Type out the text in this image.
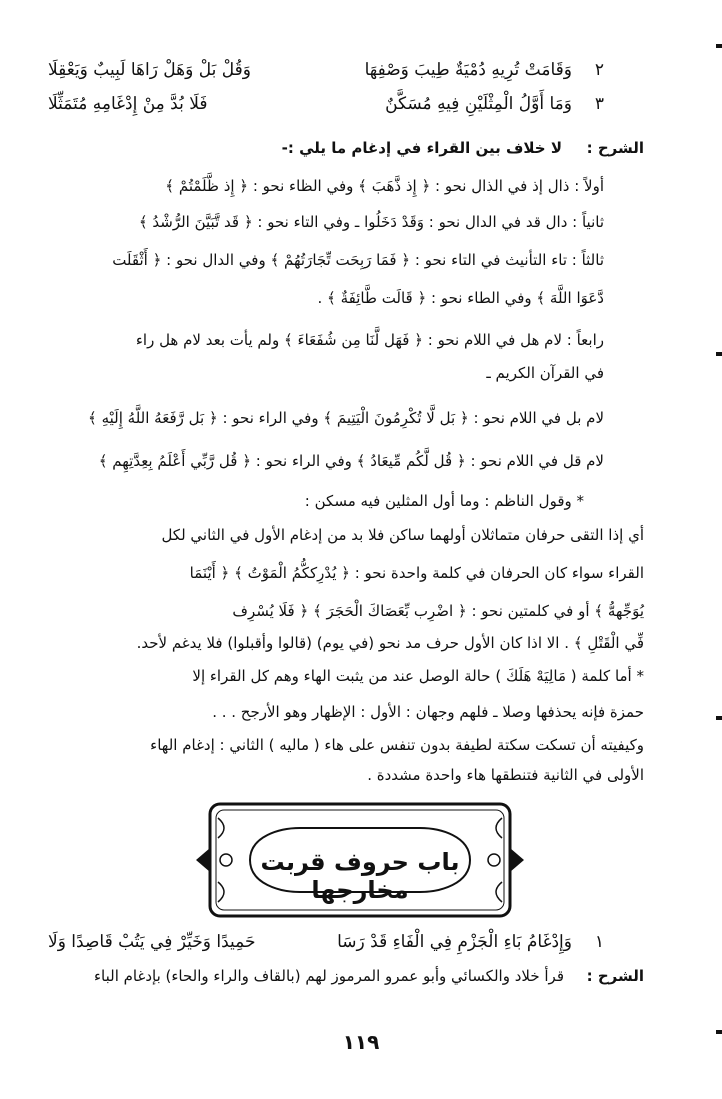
٢
وَقَامَتْ تُرِيهِ دُمْيَةٌ طِيبَ وَصْفِهَا
وَقُلْ بَلْ وَهَلْ رَاهَا لَبِيبٌ وَيَعْقِلَا
٣
وَمَا أَوَّلُ الْمِثْلَيْنِ فِيهِ مُسَكَّنٌ
فَلَا بُدَّ مِنْ إِدْغَامِهِ مُتَمَثِّلَا
الشرح :
لا خلاف بين القراء في إدغام ما يلي :-
أولاً : ذال إذ في الذال نحو : ﴿ إِذ ذَّهَبَ ﴾ وفي الظاء نحو : ﴿ إِذ ظَّلَمْتُمْ ﴾
ثانياً : دال قد في الدال نحو : وَقَدْ دَخَلُوا ـ وفي التاء نحو : ﴿ قَد تَّبَيَّنَ الرُّشْدُ ﴾
ثالثاً : تاء التأنيث في التاء نحو : ﴿ فَمَا رَبِحَت تِّجَارَتُهُمْ ﴾ وفي الدال نحو : ﴿ أَثْقَلَت
دَّعَوَا اللَّهَ ﴾ وفي الطاء نحو : ﴿ قَالَت طَّائِفَةٌ ﴾ .
رابعاً : لام هل في اللام نحو : ﴿ فَهَل لَّنَا مِن شُفَعَاءَ ﴾ ولم يأت بعد لام هل راء
في القرآن الكريم ـ
لام بل في اللام نحو : ﴿ بَل لَّا تُكْرِمُونَ الْيَتِيمَ ﴾ وفي الراء نحو : ﴿ بَل رَّفَعَهُ اللَّهُ إِلَيْهِ ﴾
لام قل في اللام نحو : ﴿ قُل لَّكُم مِّيعَادُ ﴾ وفي الراء نحو : ﴿ قُل رَّبِّي أَعْلَمُ بِعِدَّتِهِم ﴾
* وقول الناظم : وما أول المثلين فيه مسكن :
أي إذا التقى حرفان متماثلان أولهما ساكن فلا بد من إدغام الأول في الثاني لكل
القراء سواء كان الحرفان في كلمة واحدة نحو : ﴿ يُدْرِككُّمُ الْمَوْتُ ﴾ ﴿ أَيْنَمَا
يُوَجِّههُّ ﴾ أو في كلمتين نحو : ﴿ اضْرِب بِّعَصَاكَ الْحَجَرَ ﴾ ﴿ فَلَا يُسْرِف
فِّي الْقَتْلِ ﴾ . الا اذا كان الأول حرف مد نحو (في يوم) (قالوا وأقبلوا) فلا يدغم لأحد.
* أما كلمة ( مَالِيَهْ هَلَكَ ) حالة الوصل عند من يثبت الهاء وهم كل القراء إلا
حمزة فإنه يحذفها وصلا ـ فلهم وجهان : الأول : الإظهار وهو الأرجح . . .
وكيفيته أن تسكت سكتة لطيفة بدون تنفس على هاء ( ماليه ) الثاني : إدغام الهاء
الأولى في الثانية فتنطقها هاء واحدة مشددة .
باب حروف قربت مخارجها
١
وَإِدْغَامُ بَاءِ الْجَزْمِ فِي الْفَاءِ قَدْ رَسَا
حَمِيدًا وَخَيِّرْ فِي يَتُبْ قَاصِدًا وَلَا
الشرح :
قرأ خلاد والكسائي وأبو عمرو المرموز لهم (بالقاف والراء والحاء) بإدغام الباء
١١٩
